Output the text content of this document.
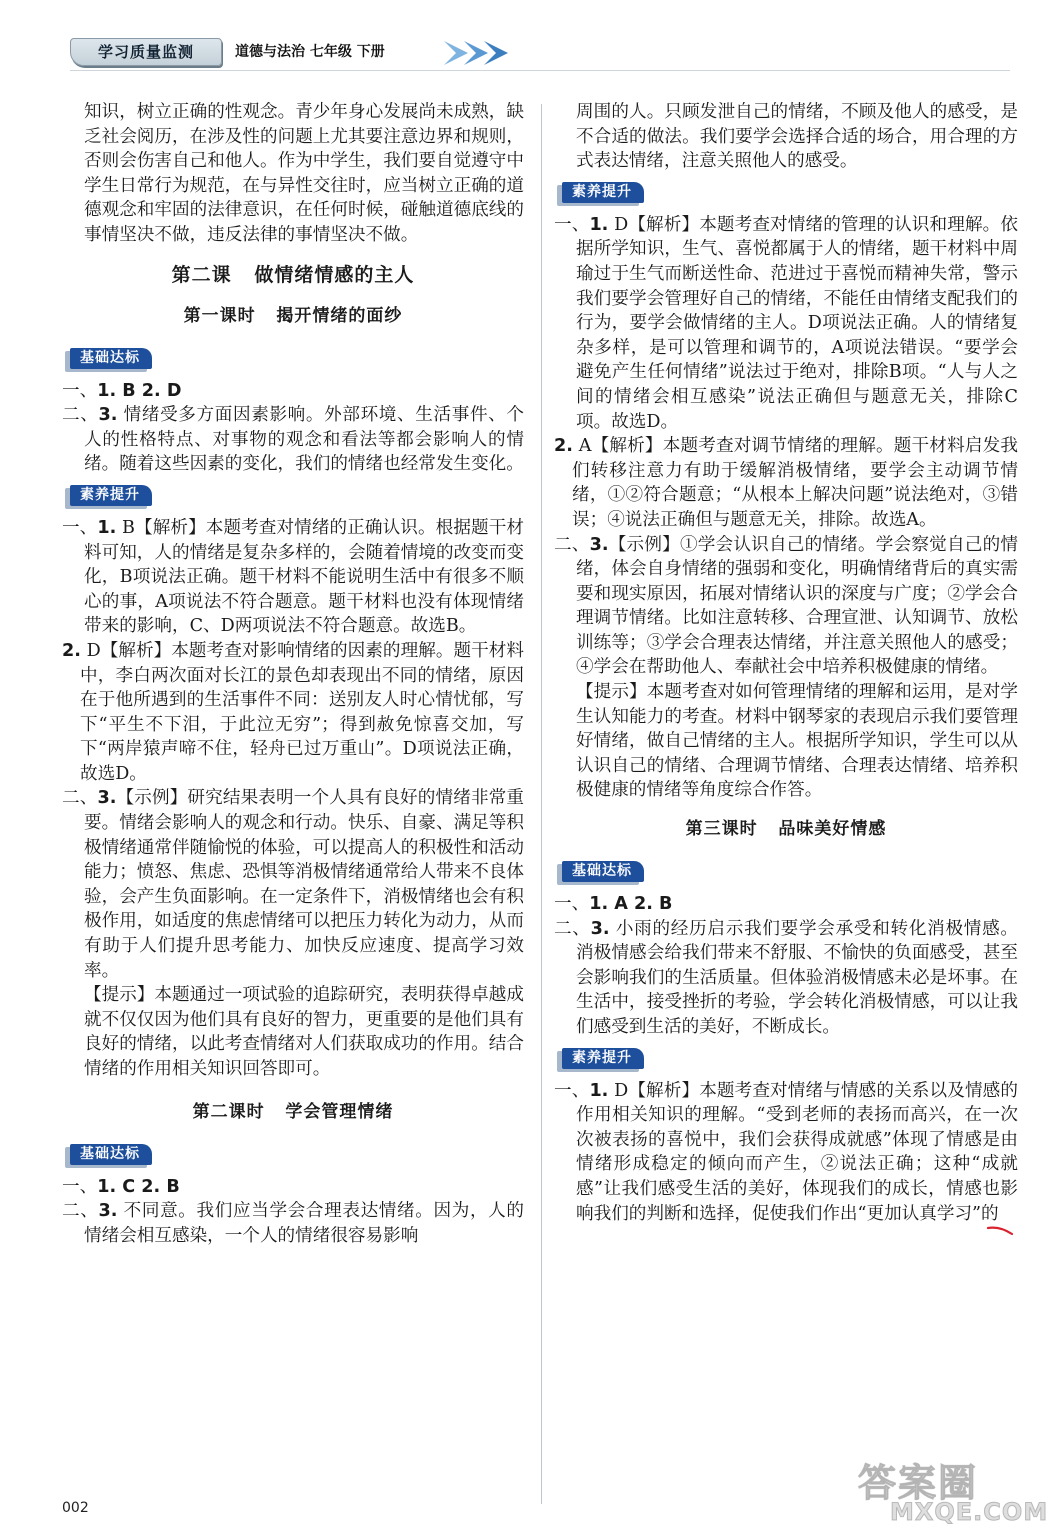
学习质量监测	道德与法治 七年级 下册

知识，树立正确的性观念。青少年身心发展尚未成熟，缺乏社会阅历，在涉及性的问题上尤其要注意边界和规则，否则会伤害自己和他人。作为中学生，我们要自觉遵守中学生日常行为规范，在与异性交往时，应当树立正确的道德观念和牢固的法律意识，在任何时候，碰触道德底线的事情坚决不做，违反法律的事情坚决不做。

第二课   做情绪情感的主人
第一课时   揭开情绪的面纱
基础达标

一、1. B 2. D

二、3. 情绪受多方面因素影响。外部环境、生活事件、个人的性格特点、对事物的观念和看法等都会影响人的情绪。随着这些因素的变化，我们的情绪也经常发生变化。

素养提升

一、1. B【解析】本题考查对情绪的正确认识。根据题干材料可知，人的情绪是复杂多样的，会随着情境的改变而变化，B项说法正确。题干材料不能说明生活中有很多不顺心的事，A项说法不符合题意。题干材料也没有体现情绪带来的影响，C、D两项说法不符合题意。故选B。

2. D【解析】本题考查对影响情绪的因素的理解。题干材料中，李白两次面对长江的景色却表现出不同的情绪，原因在于他所遇到的生活事件不同：送别友人时心情忧郁，写下“平生不下泪，于此泣无穷”；得到赦免惊喜交加，写下“两岸猿声啼不住，轻舟已过万重山”。D项说法正确，故选D。

二、3.【示例】研究结果表明一个人具有良好的情绪非常重要。情绪会影响人的观念和行动。快乐、自豪、满足等积极情绪通常伴随愉悦的体验，可以提高人的积极性和活动能力；愤怒、焦虑、恐惧等消极情绪通常给人带来不良体验，会产生负面影响。在一定条件下，消极情绪也会有积极作用，如适度的焦虑情绪可以把压力转化为动力，从而有助于人们提升思考能力、加快反应速度、提高学习效率。

【提示】本题通过一项试验的追踪研究，表明获得卓越成就不仅仅因为他们具有良好的智力，更重要的是他们具有良好的情绪，以此考查情绪对人们获取成功的作用。结合情绪的作用相关知识回答即可。

第二课时   学会管理情绪
基础达标

一、1. C 2. B

二、3. 不同意。我们应当学会合理表达情绪。因为，人的情绪会相互感染，一个人的情绪很容易影响

周围的人。只顾发泄自己的情绪，不顾及他人的感受，是不合适的做法。我们要学会选择合适的场合，用合理的方式表达情绪，注意关照他人的感受。

素养提升

一、1. D【解析】本题考查对情绪的管理的认识和理解。依据所学知识，生气、喜悦都属于人的情绪，题干材料中周瑜过于生气而断送性命、范进过于喜悦而精神失常，警示我们要学会管理好自己的情绪，不能任由情绪支配我们的行为，要学会做情绪的主人。D项说法正确。人的情绪复杂多样，是可以管理和调节的，A项说法错误。“要学会避免产生任何情绪”说法过于绝对，排除B项。“人与人之间的情绪会相互感染”说法正确但与题意无关，排除C项。故选D。

2. A【解析】本题考查对调节情绪的理解。题干材料启发我们转移注意力有助于缓解消极情绪，要学会主动调节情绪，①②符合题意；“从根本上解决问题”说法绝对，③错误；④说法正确但与题意无关，排除。故选A。

二、3.【示例】①学会认识自己的情绪。学会察觉自己的情绪，体会自身情绪的强弱和变化，明确情绪背后的真实需要和现实原因，拓展对情绪认识的深度与广度；②学会合理调节情绪。比如注意转移、合理宣泄、认知调节、放松训练等；③学会合理表达情绪，并注意关照他人的感受；④学会在帮助他人、奉献社会中培养积极健康的情绪。

【提示】本题考查对如何管理情绪的理解和运用，是对学生认知能力的考查。材料中钢琴家的表现启示我们要管理好情绪，做自己情绪的主人。根据所学知识，学生可以从认识自己的情绪、合理调节情绪、合理表达情绪、培养积极健康的情绪等角度综合作答。

第三课时   品味美好情感
基础达标

一、1. A 2. B

二、3. 小雨的经历启示我们要学会承受和转化消极情感。消极情感会给我们带来不舒服、不愉快的负面感受，甚至会影响我们的生活质量。但体验消极情感未必是坏事。在生活中，接受挫折的考验，学会转化消极情感，可以让我们感受到生活的美好，不断成长。

素养提升

一、1. D【解析】本题考查对情绪与情感的关系以及情感的作用相关知识的理解。“受到老师的表扬而高兴，在一次次被表扬的喜悦中，我们会获得成就感”体现了情感是由情绪形成稳定的倾向而产生，②说法正确；这种“成就感”让我们感受生活的美好，体现我们的成长，情感也影响我们的判断和选择，促使我们作出“更加认真学习”的

002
答案圈
MXQE.COM
